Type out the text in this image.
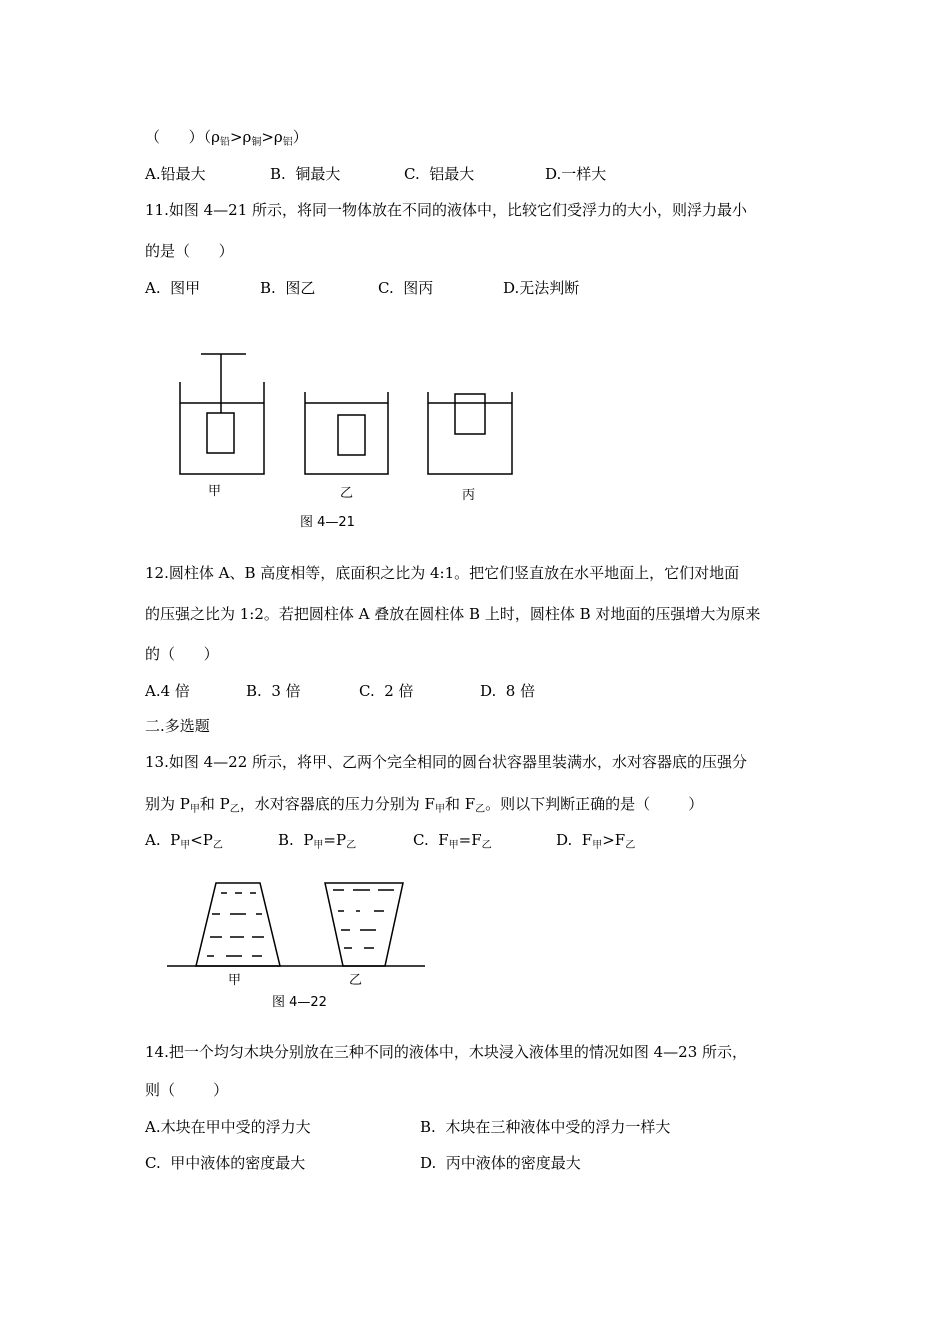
（      ）$(\rho_铅>\rho_铜>\rho_铝)$
A.铅最大	B.  铜最大	C.  铝最大	D.一样大
11.如图 4—21 所示，将同一物体放在不同的液体中，比较它们受浮力的大小，则浮力最小
的是（      ）
A.  图甲	B.  图乙	C.  图丙	D.无法判断
甲	乙	丙
图 4—21
12.圆柱体 A、B 高度相等，底面积之比为 4:1。把它们竖直放在水平地面上，它们对地面
的压强之比为 1:2。若把圆柱体 A 叠放在圆柱体 B 上时，圆柱体 B 对地面的压强增大为原来
的（      ）
A.4 倍	B.  3 倍	C.  2 倍	D.  8 倍
二.多选题
13.如图 4—22 所示，将甲、乙两个完全相同的圆台状容器里装满水，水对容器底的压强分
别为 $P_甲$和 $P_乙$，水对容器底的压力分别为 $F_甲$和 $F_乙$。则以下判断正确的是（        ）
A.  $P_甲<P_乙$	B.  $P_甲=P_乙$	C.  $F_甲=F_乙$	D.  $F_甲>F_乙$
甲	乙
图 4—22
14.把一个均匀木块分别放在三种不同的液体中，木块浸入液体里的情况如图 4—23 所示，
则（        ）
A.木块在甲中受的浮力大	B.  木块在三种液体中受的浮力一样大
C.  甲中液体的密度最大	D.  丙中液体的密度最大
